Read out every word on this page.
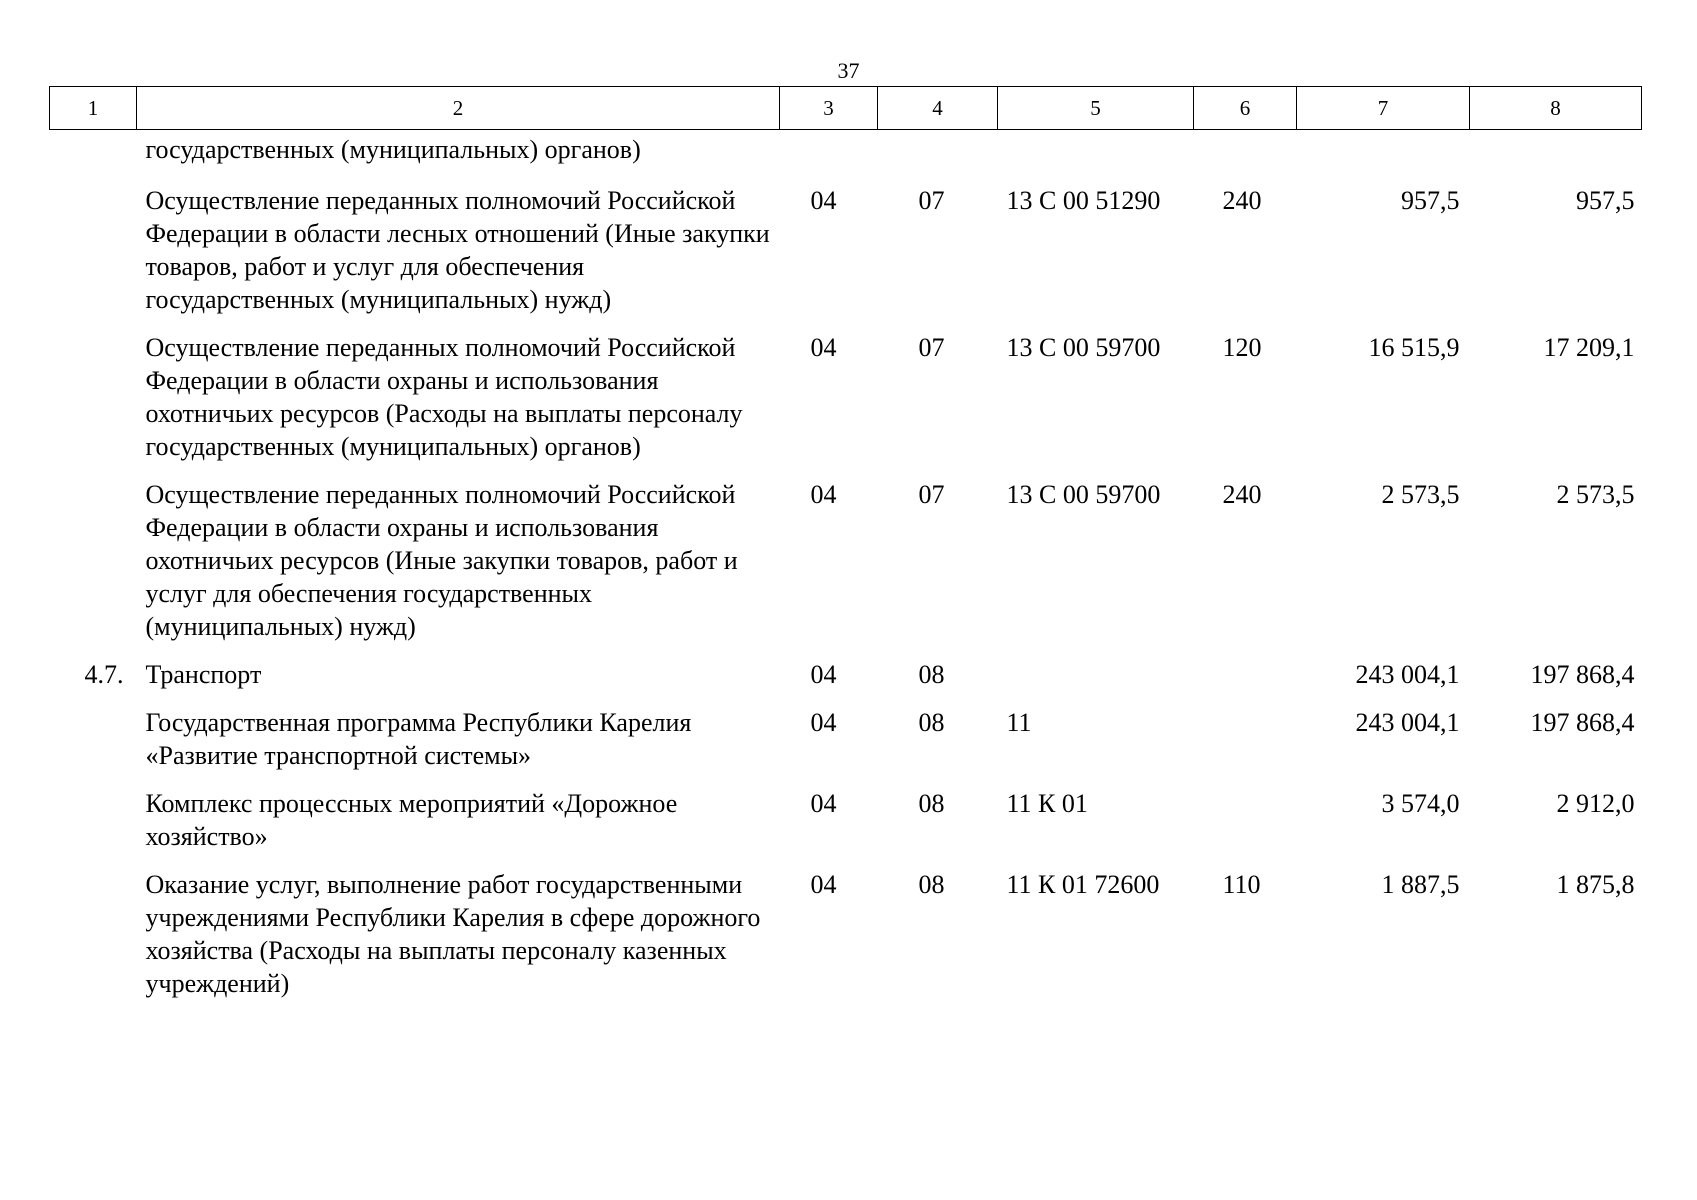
37
1	2	3	4	5	6	7	8
	государственных (муниципальных) органов)						
	Осуществление переданных полномочий Российской Федерации в области лесных отношений (Иные закупки товаров, работ и услуг для обеспечения государственных (муниципальных) нужд)	04	07	13 С 00 51290	240	957,5	957,5
	Осуществление переданных полномочий Российской Федерации в области охраны и использования охотничьих ресурсов (Расходы на выплаты персоналу государственных (муниципальных) органов)	04	07	13 С 00 59700	120	16 515,9	17 209,1
	Осуществление переданных полномочий Российской Федерации в области охраны и использования охотничьих ресурсов (Иные закупки товаров, работ и услуг для обеспечения государственных (муниципальных) нужд)	04	07	13 С 00 59700	240	2 573,5	2 573,5
4.7.	Транспорт	04	08			243 004,1	197 868,4
	Государственная программа Республики Карелия «Развитие транспортной системы»	04	08	11		243 004,1	197 868,4
	Комплекс процессных мероприятий «Дорожное хозяйство»	04	08	11 К 01		3 574,0	2 912,0
	Оказание услуг, выполнение работ государственными учреждениями Республики Карелия в сфере дорожного хозяйства (Расходы на выплаты персоналу казенных учреждений)	04	08	11 К 01 72600	110	1 887,5	1 875,8
